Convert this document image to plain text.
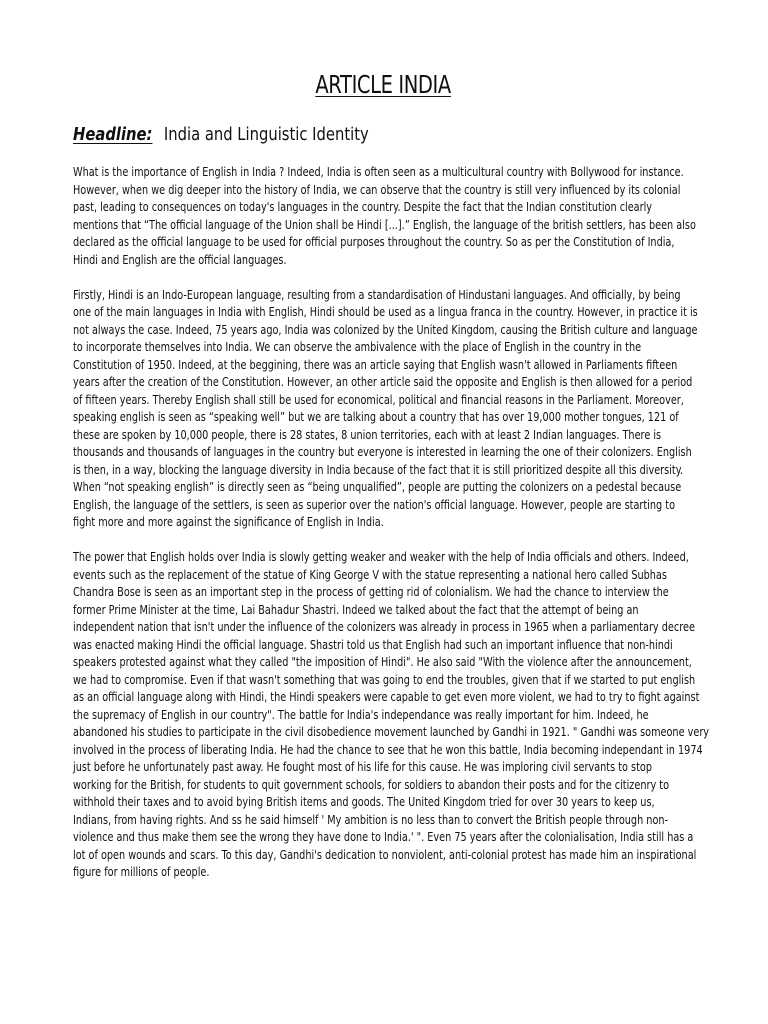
ARTICLE INDIA
Headline: India and Linguistic Identity

What is the importance of English in India ? Indeed, India is often seen as a multicultural country with Bollywood for instance.
However, when we dig deeper into the history of India, we can observe that the country is still very influenced by its colonial
past, leading to consequences on today's languages in the country. Despite the fact that the Indian constitution clearly
mentions that “The official language of the Union shall be Hindi [...].” English, the language of the british settlers, has been also
declared as the official language to be used for official purposes throughout the country. So as per the Constitution of India,
Hindi and English are the official languages.

Firstly, Hindi is an Indo-European language, resulting from a standardisation of Hindustani languages. And officially, by being
one of the main languages in India with English, Hindi should be used as a lingua franca in the country. However, in practice it is
not always the case. Indeed, 75 years ago, India was colonized by the United Kingdom, causing the British culture and language
to incorporate themselves into India. We can observe the ambivalence with the place of English in the country in the
Constitution of 1950. Indeed, at the beggining, there was an article saying that English wasn't allowed in Parliaments fifteen
years after the creation of the Constitution. However, an other article said the opposite and English is then allowed for a period
of fifteen years. Thereby English shall still be used for economical, political and financial reasons in the Parliament. Moreover,
speaking english is seen as “speaking well” but we are talking about a country that has over 19,000 mother tongues, 121 of
these are spoken by 10,000 people, there is 28 states, 8 union territories, each with at least 2 Indian languages. There is
thousands and thousands of languages in the country but everyone is interested in learning the one of their colonizers. English
is then, in a way, blocking the language diversity in India because of the fact that it is still prioritized despite all this diversity.
When “not speaking english” is directly seen as “being unqualified”, people are putting the colonizers on a pedestal because
English, the language of the settlers, is seen as superior over the nation's official language. However, people are starting to
fight more and more against the significance of English in India.

The power that English holds over India is slowly getting weaker and weaker with the help of India officials and others. Indeed,
events such as the replacement of the statue of King George V with the statue representing a national hero called Subhas
Chandra Bose is seen as an important step in the process of getting rid of colonialism. We had the chance to interview the
former Prime Minister at the time, Lai Bahadur Shastri. Indeed we talked about the fact that the attempt of being an
independent nation that isn't under the influence of the colonizers was already in process in 1965 when a parliamentary decree
was enacted making Hindi the official language. Shastri told us that English had such an important influence that non-hindi
speakers protested against what they called "the imposition of Hindi". He also said "With the violence after the announcement,
we had to compromise. Even if that wasn't something that was going to end the troubles, given that if we started to put english
as an official language along with Hindi, the Hindi speakers were capable to get even more violent, we had to try to fight against
the supremacy of English in our country". The battle for India's independance was really important for him. Indeed, he
abandoned his studies to participate in the civil disobedience movement launched by Gandhi in 1921. " Gandhi was someone very
involved in the process of liberating India. He had the chance to see that he won this battle, India becoming independant in 1974
just before he unfortunately past away. He fought most of his life for this cause. He was imploring civil servants to stop
working for the British, for students to quit government schools, for soldiers to abandon their posts and for the citizenry to
withhold their taxes and to avoid bying British items and goods. The United Kingdom tried for over 30 years to keep us,
Indians, from having rights. And ss he said himself ' My ambition is no less than to convert the British people through non-
violence and thus make them see the wrong they have done to India.' ". Even 75 years after the colonialisation, India still has a
lot of open wounds and scars. To this day, Gandhi's dedication to nonviolent, anti-colonial protest has made him an inspirational
figure for millions of people.
